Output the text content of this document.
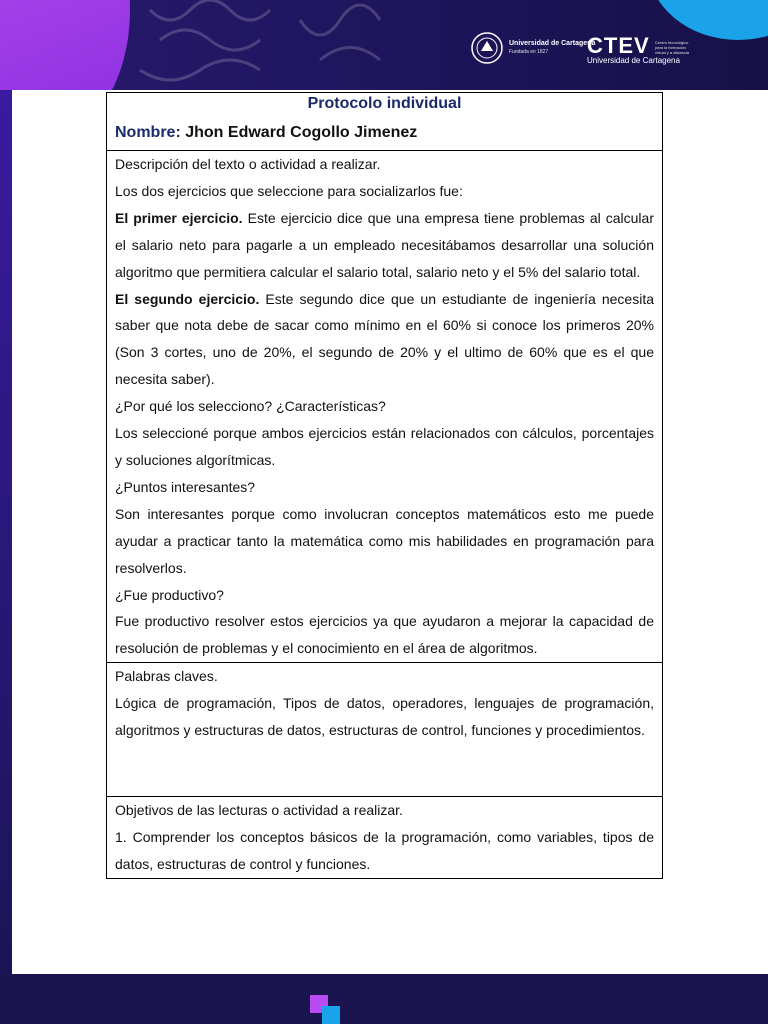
Universidad de Cartagena
Fundada en 1827	CTEV
Universidad de Cartagena
Centro tecnológico para la formación virtual y a distancia
Protocolo individual
Nombre: Jhon Edward Cogollo Jimenez

Descripción del texto o actividad a realizar.

Los dos ejercicios que seleccione para socializarlos fue:

El primer ejercicio. Este ejercicio dice que una empresa tiene problemas al calcular el salario neto para pagarle a un empleado necesitábamos desarrollar una solución algoritmo que permitiera calcular el salario total, salario neto y el 5% del salario total.

El segundo ejercicio. Este segundo dice que un estudiante de ingeniería necesita saber que nota debe de sacar como mínimo en el 60% si conoce los primeros 20% (Son 3 cortes, uno de 20%, el segundo de 20% y el ultimo de 60% que es el que necesita saber).

¿Por qué los selecciono? ¿Características?

Los seleccioné porque ambos ejercicios están relacionados con cálculos, porcentajes y soluciones algorítmicas.

¿Puntos interesantes?

Son interesantes porque como involucran conceptos matemáticos esto me puede ayudar a practicar tanto la matemática como mis habilidades en programación para resolverlos.

¿Fue productivo?

Fue productivo resolver estos ejercicios ya que ayudaron a mejorar la capacidad de resolución de problemas y el conocimiento en el área de algoritmos.

Palabras claves.

Lógica de programación, Tipos de datos, operadores, lenguajes de programación, algoritmos y estructuras de datos, estructuras de control, funciones y procedimientos.

Objetivos de las lecturas o actividad a realizar.

1. Comprender los conceptos básicos de la programación, como variables, tipos de datos, estructuras de control y funciones.
